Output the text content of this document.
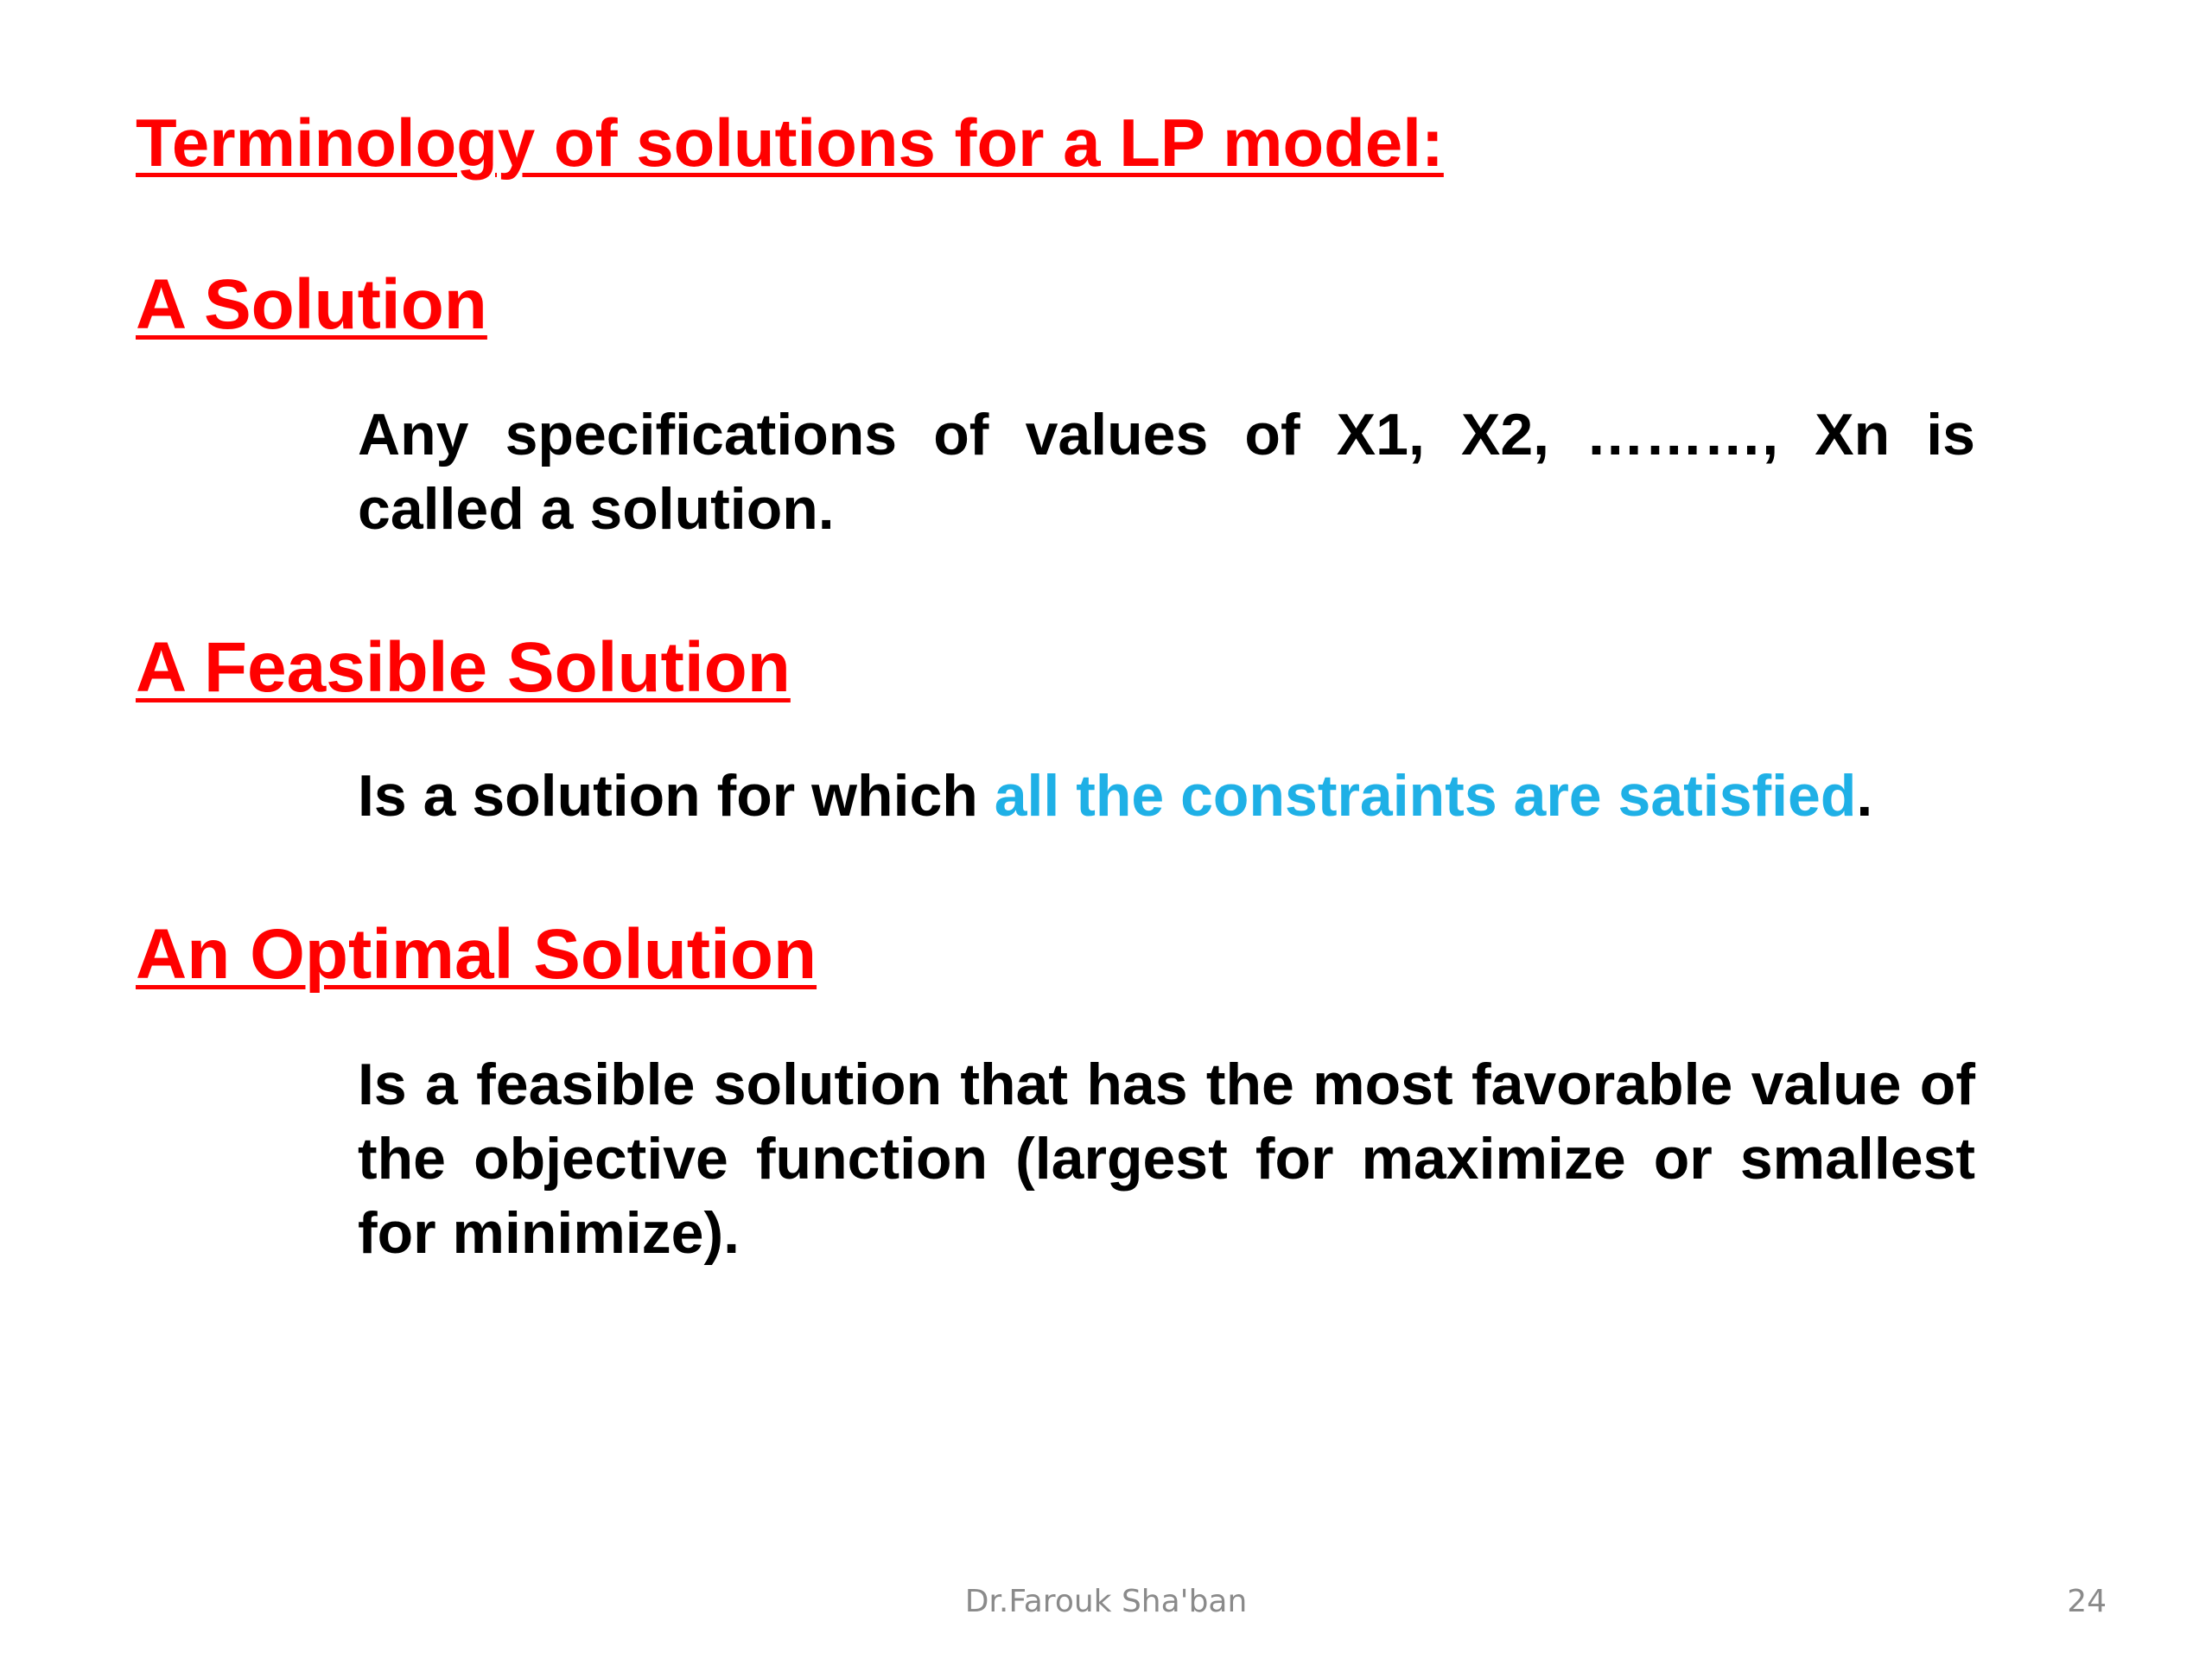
Terminology of solutions for a LP model:
A Solution

Any specifications of values of X1, X2, ………, Xn is called a solution.

A Feasible Solution

Is a solution for which all the constraints are satisfied.

An Optimal Solution

Is a feasible solution that has the most favorable value of the objective function (largest for maximize or smallest for minimize).

Dr.Farouk Sha'ban	24
